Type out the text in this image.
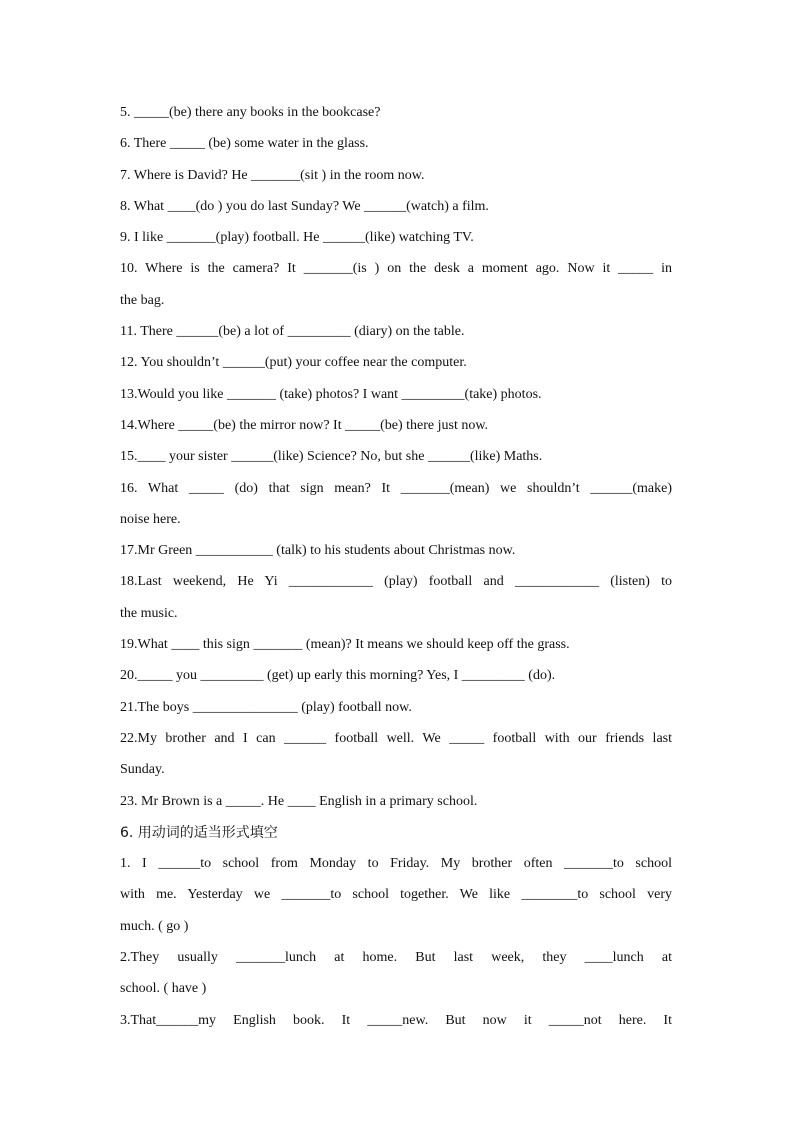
5. _____(be) there any books in the bookcase?
6. There _____ (be) some water in the glass.
7. Where is David? He _______(sit ) in the room now.
8. What ____(do ) you do last Sunday? We ______(watch) a film.
9. I like _______(play) football. He ______(like) watching TV.
10. Where is the camera? It _______(is ) on the desk a moment ago. Now it _____ in
the bag.
11. There ______(be) a lot of _________ (diary) on the table.
12. You shouldn’t ______(put) your coffee near the computer.
13.Would you like _______ (take) photos? I want _________(take) photos.
14.Where _____(be) the mirror now? It _____(be) there just now.
15.____ your sister ______(like) Science? No, but she ______(like) Maths.
16. What _____ (do) that sign mean? It _______(mean) we shouldn’t ______(make)
noise here.
17.Mr Green ___________ (talk) to his students about Christmas now.
18.Last weekend, He Yi ____________ (play) football and ____________ (listen) to
the music.
19.What ____ this sign _______ (mean)? It means we should keep off the grass.
20._____ you _________ (get) up early this morning? Yes, I _________ (do).
21.The boys _______________ (play) football now.
22.My brother and I can ______ football well. We _____ football with our friends last
Sunday.
23. Mr Brown is a _____. He ____ English in a primary school.
6. 用动词的适当形式填空
1. I ______to school from Monday to Friday. My brother often _______to school
with me. Yesterday we _______to school together. We like ________to school very
much. ( go )
2.They usually _______lunch at home. But last week, they ____lunch at
school. ( have )
3.That______my English book. It _____new. But now it _____not here. It
